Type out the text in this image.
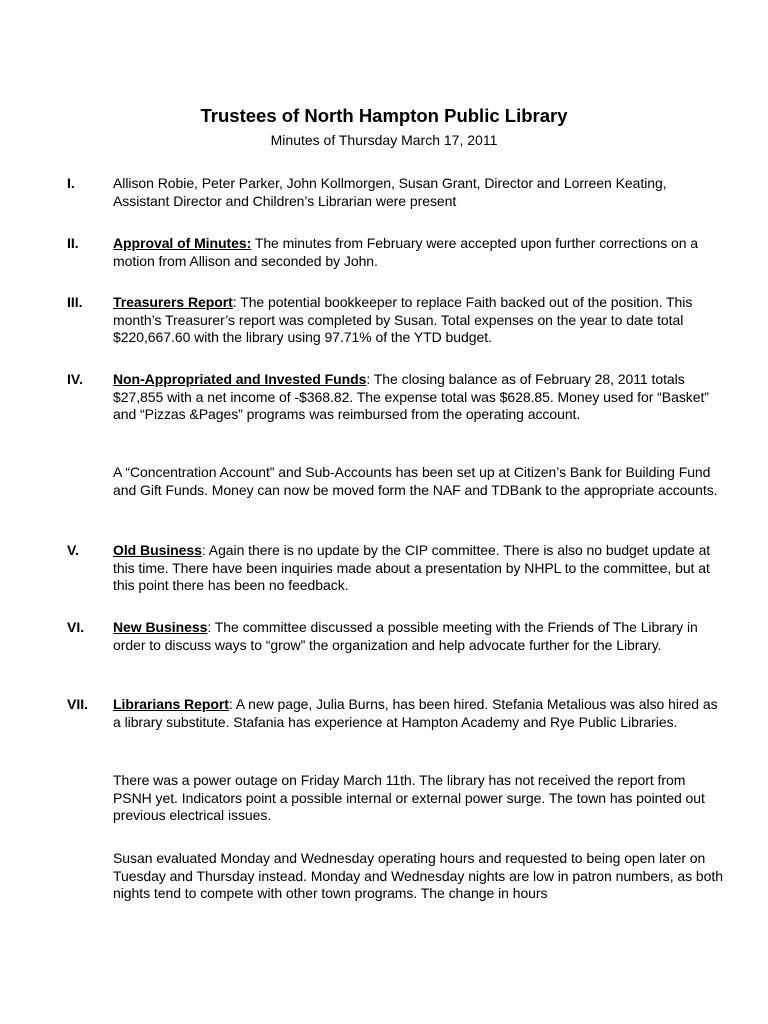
Trustees of North Hampton Public Library

Minutes of Thursday March 17, 2011

I.	Allison Robie, Peter Parker, John Kollmorgen, Susan Grant, Director and Lorreen Keating, Assistant Director and Children’s Librarian were present

II. Approval of Minutes: The minutes from February were accepted upon further corrections on a motion from Allison and seconded by John.

III. Treasurers Report: The potential bookkeeper to replace Faith backed out of the position. This month’s Treasurer’s report was completed by Susan. Total expenses on the year to date total $220,667.60 with the library using 97.71% of the YTD budget.

IV. Non-Appropriated and Invested Funds: The closing balance as of February 28, 2011 totals $27,855 with a net income of -$368.82. The expense total was $628.85. Money used for “Basket” and “Pizzas &Pages” programs was reimbursed from the operating account.

A “Concentration Account” and Sub-Accounts has been set up at Citizen’s Bank for Building Fund and Gift Funds. Money can now be moved form the NAF and TDBank to the appropriate accounts.

V. Old Business: Again there is no update by the CIP committee. There is also no budget update at this time. There have been inquiries made about a presentation by NHPL to the committee, but at this point there has been no feedback.

VI. New Business: The committee discussed a possible meeting with the Friends of The Library in order to discuss ways to “grow” the organization and help advocate further for the Library.

VII. Librarians Report: A new page, Julia Burns, has been hired. Stefania Metalious was also hired as a library substitute. Stafania has experience at Hampton Academy and Rye Public Libraries.

There was a power outage on Friday March 11th. The library has not received the report from PSNH yet. Indicators point a possible internal or external power surge. The town has pointed out previous electrical issues.

Susan evaluated Monday and Wednesday operating hours and requested to being open later on Tuesday and Thursday instead. Monday and Wednesday nights are low in patron numbers, as both nights tend to compete with other town programs. The change in hours
